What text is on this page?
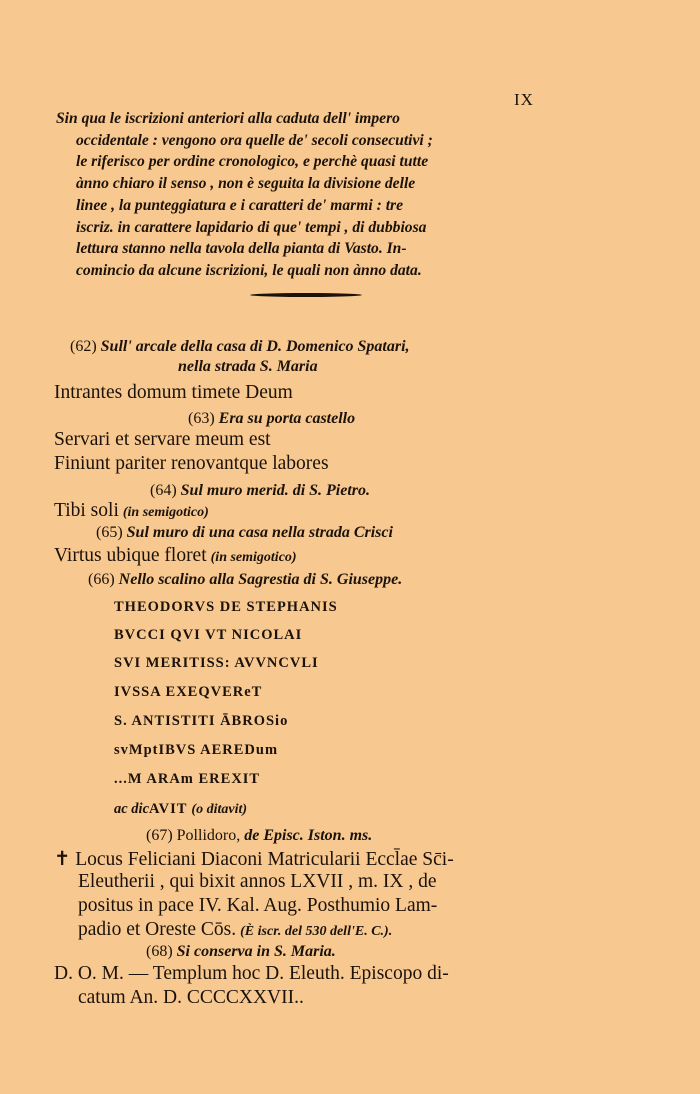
IX
Sin qua le iscrizioni anteriori alla caduta dell' impero
occidentale : vengono ora quelle de' secoli consecutivi ;
le riferisco per ordine cronologico, e perchè quasi tutte
ànno chiaro il senso , non è seguita la divisione delle
linee , la punteggiatura e i caratteri de' marmi : tre
iscriz. in carattere lapidario di que' tempi , di dubbiosa
lettura stanno nella tavola della pianta di Vasto. In-
comincio da alcune iscrizioni, le quali non ànno data.
(62) Sull' arcale della casa di D. Domenico Spatari,
nella strada S. Maria
Intrantes domum timete Deum
(63) Era su porta castello
Servari et servare meum est
Finiunt pariter renovantque labores
(64) Sul muro merid. di S. Pietro.
Tibi soli (in semigotico)
(65) Sul muro di una casa nella strada Crisci
Virtus ubique floret (in semigotico)
(66) Nello scalino alla Sagrestia di S. Giuseppe.
THEODORVS DE STEPHANIS
BVCCI QVI VT NICOLAI
SVI MERITISS: AVVNCVLI
IVSSA EXEQVEReT
S. ANTISTITI ĀBROSio
svMptIBVS AEREDum
...M ARAm EREXIT
ac dicAVIT (o ditavit)
(67) Pollidoro, de Episc. Iston. ms.
✝ Locus Feliciani Diaconi Matricularii Eccl̄ae Sc̄i-
Eleutherii , qui bixit annos LXVII , m. IX , de
positus in pace IV. Kal. Aug. Posthumio Lam-
padio et Oreste Cōs. (È iscr. del 530 dell'E. C.).
(68) Si conserva in S. Maria.
D. O. M. — Templum hoc D. Eleuth. Episcopo di-
catum An. D. CCCCXXVII..
